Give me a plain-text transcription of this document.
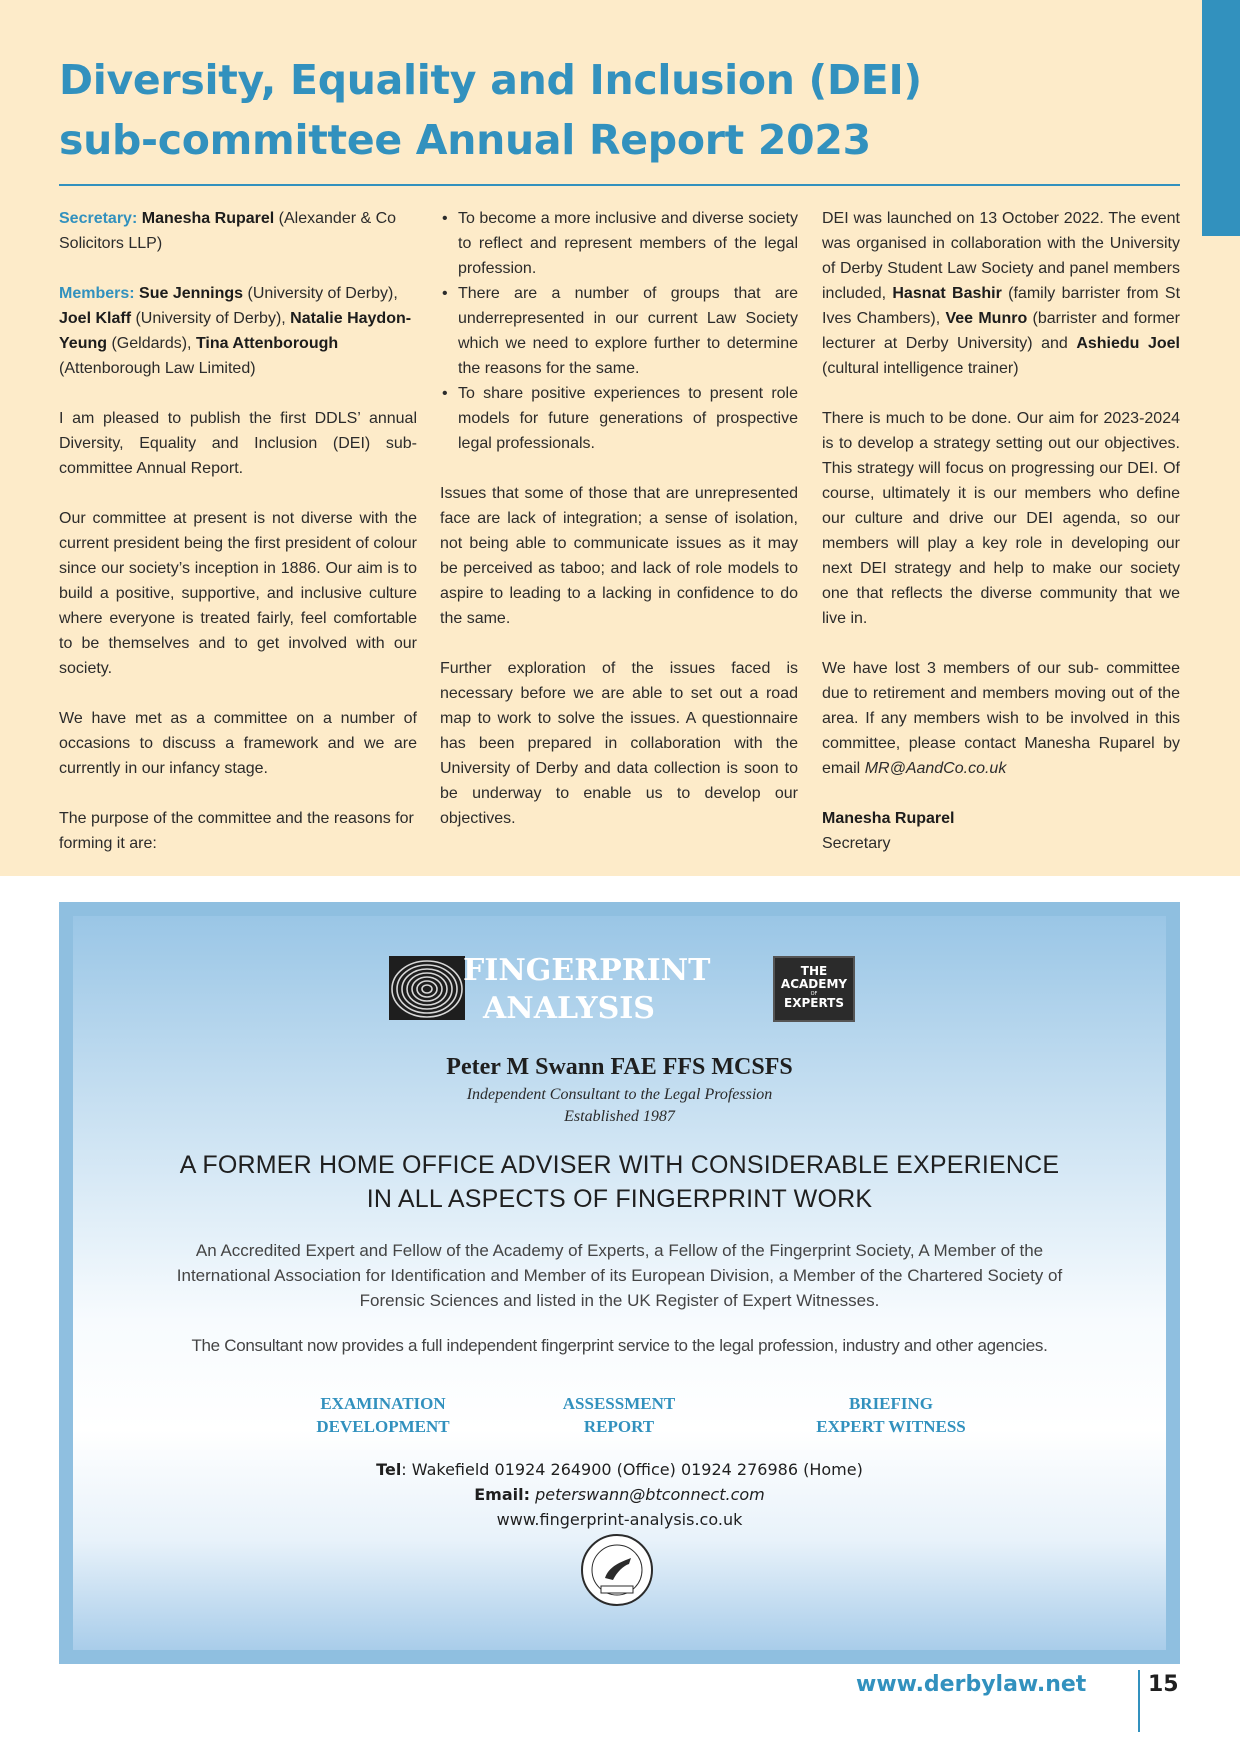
Diversity, Equality and Inclusion (DEI)
sub-committee Annual Report 2023

Secretary: Manesha Ruparel (Alexander & Co Solicitors LLP)

Members: Sue Jennings (University of Derby), Joel Klaff (University of Derby), Natalie Haydon-Yeung (Geldards), Tina Attenborough (Attenborough Law Limited)

I am pleased to publish the first DDLS’ annual Diversity, Equality and Inclusion (DEI) sub-committee Annual Report.

Our committee at present is not diverse with the current president being the first president of colour since our society’s inception in 1886. Our aim is to build a positive, supportive, and inclusive culture where everyone is treated fairly, feel comfortable to be themselves and to get involved with our society.

We have met as a committee on a number of occasions to discuss a framework and we are currently in our infancy stage.

The purpose of the committee and the reasons for forming it are:

• To become a more inclusive and diverse society to reflect and represent members of the legal profession.
• There are a number of groups that are underrepresented in our current Law Society which we need to explore further to determine the reasons for the same.
• To share positive experiences to present role models for future generations of prospective legal professionals.

Issues that some of those that are unrepresented face are lack of integration; a sense of isolation, not being able to communicate issues as it may be perceived as taboo; and lack of role models to aspire to leading to a lacking in confidence to do the same.

Further exploration of the issues faced is necessary before we are able to set out a road map to work to solve the issues. A questionnaire has been prepared in collaboration with the University of Derby and data collection is soon to be underway to enable us to develop our objectives.

DEI was launched on 13 October 2022. The event was organised in collaboration with the University of Derby Student Law Society and panel members included, Hasnat Bashir (family barrister from St Ives Chambers), Vee Munro (barrister and former lecturer at Derby University) and Ashiedu Joel (cultural intelligence trainer)

There is much to be done. Our aim for 2023-2024 is to develop a strategy setting out our objectives. This strategy will focus on progressing our DEI. Of course, ultimately it is our members who define our culture and drive our DEI agenda, so our members will play a key role in developing our next DEI strategy and help to make our society one that reflects the diverse community that we live in.

We have lost 3 members of our sub- committee due to retirement and members moving out of the area. If any members wish to be involved in this committee, please contact Manesha Ruparel by email MR@AandCo.co.uk

Manesha Ruparel
Secretary

FINGERPRINT
ANALYSIS
THE
ACADEMY
OF
EXPERTS
Peter M Swann FAE FFS MCSFS
Independent Consultant to the Legal Profession
Established 1987
A FORMER HOME OFFICE ADVISER WITH CONSIDERABLE EXPERIENCE
IN ALL ASPECTS OF FINGERPRINT WORK
An Accredited Expert and Fellow of the Academy of Experts, a Fellow of the Fingerprint Society, A Member of the
International Association for Identification and Member of its European Division, a Member of the Chartered Society of
Forensic Sciences and listed in the UK Register of Expert Witnesses.
The Consultant now provides a full independent fingerprint service to the legal profession, industry and other agencies.
EXAMINATION
DEVELOPMENT
ASSESSMENT
REPORT
BRIEFING
EXPERT WITNESS
Tel: Wakefield 01924 264900 (Office) 01924 276986 (Home)
Email: peterswann@btconnect.com
www.fingerprint-analysis.co.uk
www.derbylaw.net	15
